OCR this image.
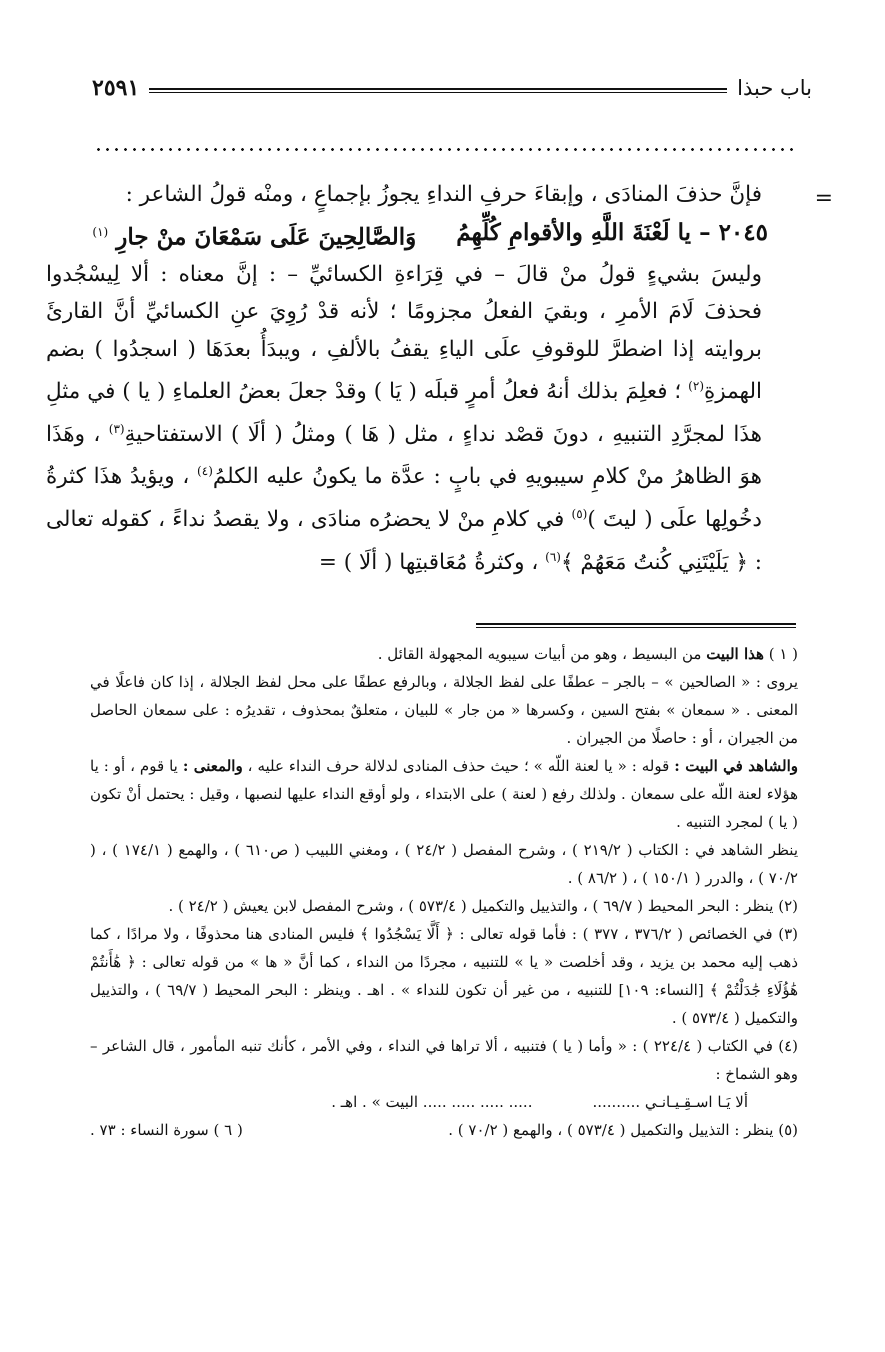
باب حبذا
٢٥٩١
=

فإنَّ حذفَ المنادَى ، وإبقاءَ حرفِ النداءِ يجوزُ بإجماعٍ ، ومنْه قولُ الشاعر :

٢٠٤٥ – يا لَعْنَةَ اللَّهِ والأقوامِ كُلِّهِمُ
وَالصَّالِحِينَ عَلَى سَمْعَانَ منْ جارِ $^{(١)}$

وليسَ بشيءٍ قولُ منْ قالَ – في قِرَاءةِ الكسائيِّ – : إنَّ معناه : ألا لِيسْجُدوا فحذفَ لَامَ الأمرِ ، وبقيَ الفعلُ مجزومًا ؛ لأنه قدْ رُوِيَ عنِ الكسائيِّ أنَّ القارئَ بروايته إذا اضطرَّ للوقوفِ علَى الياءِ يقفُ بالألفِ ، ويبدَأُ بعدَهَا ( اسجدُوا ) بضم الهمزةِ$^{(٢)}$ ؛ فعلِمَ بذلك أنهُ فعلُ أمرٍ قبلَه ( يَا ) وقدْ جعلَ بعضُ العلماءِ ( يا ) في مثلِ هذَا لمجرَّدِ التنبيهِ ، دونَ قصْد نداءٍ ، مثل ( هَا ) ومثلُ ( ألَا ) الاستفتاحيةِ$^{(٣)}$ ، وهَذَا هوَ الظاهرُ منْ كلامِ سيبويهِ في بابٍ : عدَّة ما يكونُ عليه الكلمُ$^{(٤)}$ ، ويؤيدُ هذَا كثرةُ دخُولِها علَى ( ليتَ )$^{(٥)}$ في كلامِ منْ لا يحضرُه منادَى ، ولا يقصدُ نداءً ، كقوله تعالى : ﴿ يَلَيْتَنِي كُنتُ مَعَهُمْ ﴾$^{(٦)}$ ، وكثرةُ مُعَاقبتِها ( ألَا ) =

( ١ ) هذا البيت من البسيط ، وهو من أبيات سيبويه المجهولة القائل .

يروى : « الصالحين » – بالجر – عطفًا على لفظ الجلالة ، وبالرفع عطفًا على محل لفظ الجلالة ، إذا كان فاعلًا في المعنى . « سمعان » بفتح السين ، وكسرها « من جار » للبيان ، متعلقٌ بمحذوف ، تقديرُه : على سمعان الحاصل من الجيران ، أو : حاصلًا من الجيران .

والشاهد في البيت : قوله : « يا لعنة اللّه » ؛ حيث حذف المنادى لدلالة حرف النداء عليه ، والمعنى : يا قوم ، أو : يا هؤلاء لعنة اللّه على سمعان . ولذلك رفع ( لعنة ) على الابتداء ، ولو أوقع النداء عليها لنصبها ، وقيل : يحتمل أنْ تكون ( يا ) لمجرد التنبيه .

ينظر الشاهد في : الكتاب ( ٢١٩/٢ ) ، وشرح المفصل ( ٢٤/٢ ) ، ومغني اللبيب ( ص٦١٠ ) ، والهمع ( ١٧٤/١ ) ، ( ٧٠/٢ ) ، والدرر ( ١٥٠/١ ) ، ( ٨٦/٢ ) .

(٢) ينظر : البحر المحيط ( ٦٩/٧ ) ، والتذييل والتكميل ( ٥٧٣/٤ ) ، وشرح المفصل لابن يعيش ( ٢٤/٢ ) .

(٣) في الخصائص ( ٣٧٦/٢ ، ٣٧٧ ) : فأما قوله تعالى : ﴿ أَلَّا يَسْجُدُوا ﴾ فليس المنادى هنا محذوفًا ، ولا مرادًا ، كما ذهب إليه محمد بن يزيد ، وقد أخلصت « يا » للتنبيه ، مجردًا من النداء ، كما أنَّ « ها » من قوله تعالى : ﴿ هَٰأَنتُمْ هَٰؤُلَاءِ جَٰدَلْتُمْ ﴾ [النساء: ١٠٩] للتنبيه ، من غير أن تكون للنداء » . اهـ . وينظر : البحر المحيط ( ٦٩/٧ ) ، والتذييل والتكميل ( ٥٧٣/٤ ) .

(٤) في الكتاب ( ٢٢٤/٤ ) : « وأما ( يا ) فتنبيه ، ألا تراها في النداء ، وفي الأمر ، كأنك تنبه المأمور ، قال الشاعر – وهو الشماخ :

ألا يَـا اسـقِـيـانـي ..........
..... ..... ..... ..... البيت » . اهـ .
(٥) ينظر : التذييل والتكميل ( ٥٧٣/٤ ) ، والهمع ( ٧٠/٢ ) .
( ٦ ) سورة النساء : ٧٣ .
